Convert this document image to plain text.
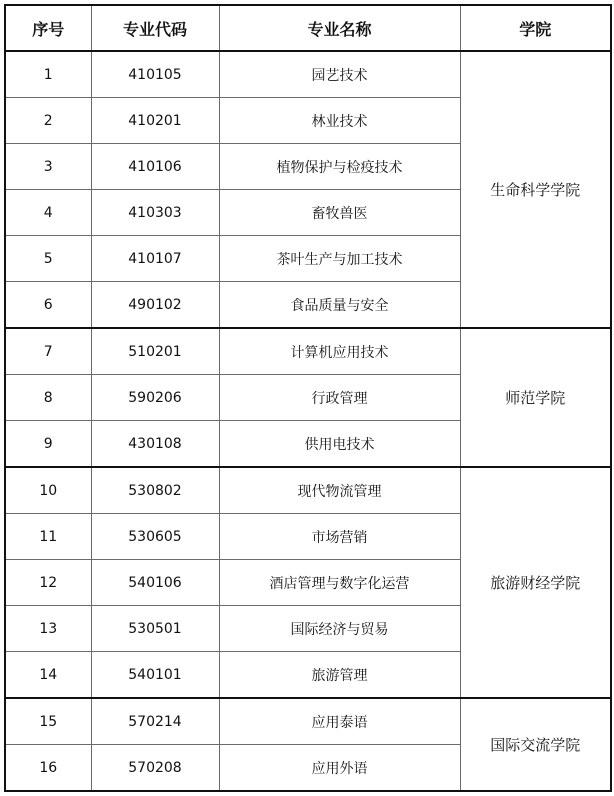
序号	专业代码	专业名称	学院
1	410105	园艺技术	生命科学学院
2	410201	林业技术	
3	410106	植物保护与检疫技术	
4	410303	畜牧兽医	
5	410107	茶叶生产与加工技术	
6	490102	食品质量与安全	
7	510201	计算机应用技术	师范学院
8	590206	行政管理	
9	430108	供用电技术	
10	530802	现代物流管理	旅游财经学院
11	530605	市场营销	
12	540106	酒店管理与数字化运营	
13	530501	国际经济与贸易	
14	540101	旅游管理	
15	570214	应用泰语	国际交流学院
16	570208	应用外语	
